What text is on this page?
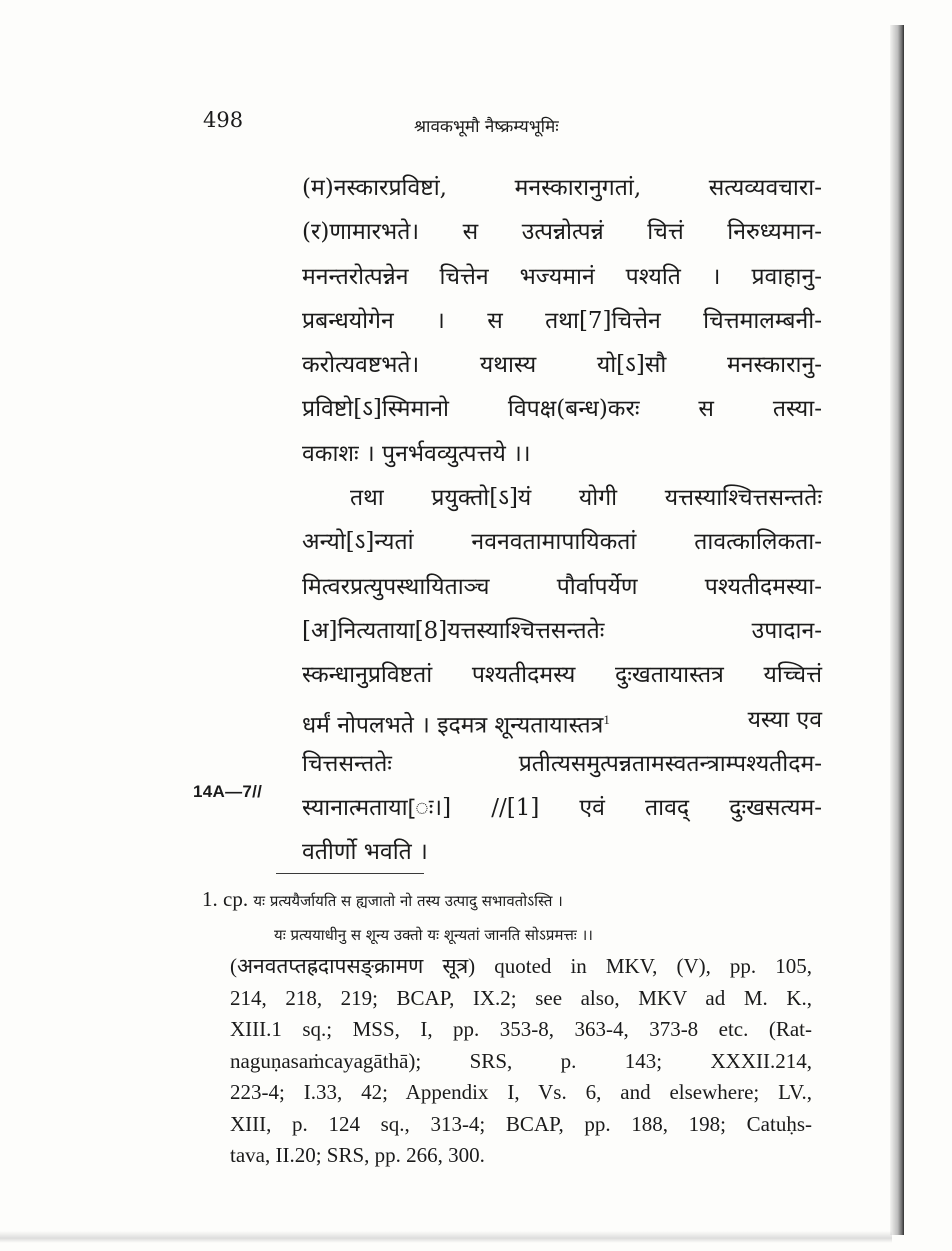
498	श्रावकभूमौ नैष्क्रम्यभूमिः
(म)नस्कारप्रविष्टां, मनस्कारानुगतां, सत्यव्यवचारा-
(र)णामारभते। स उत्पन्नोत्पन्नं चित्तं निरुध्यमान-
मनन्तरोत्पन्नेन चित्तेन भज्यमानं पश्यति । प्रवाहानु-
प्रबन्धयोगेन । स तथा[7]चित्तेन चित्तमालम्बनी-
करोत्यवष्टभते। यथास्य यो[ऽ]सौ मनस्कारानु-
प्रविष्टो[ऽ]स्मिमानो विपक्ष(बन्ध)करः स तस्या-
वकाशः । पुनर्भवव्युत्पत्तये ।।
तथा प्रयुक्तो[ऽ]यं योगी यत्तस्याश्चित्तसन्ततेः
अन्यो[ऽ]न्यतां नवनवतामापायिकतां तावत्कालिकता-
मित्वरप्रत्युपस्थायिताञ्च पौर्वापर्येण पश्यतीदमस्या-
[अ]नित्यताया[8]यत्तस्याश्चित्तसन्ततेः उपादान-
स्कन्धानुप्रविष्टतां पश्यतीदमस्य दुःखतायास्तत्र यच्चित्तं
धर्मं नोपलभते । इदमत्र शून्यतायास्तत्र$^1$	यस्या एव
चित्तसन्ततेः प्रतीत्यसमुत्पन्नतामस्वतन्त्राम्पश्यतीदम-
स्यानात्मताया[ः।] //[1] एवं तावद् दुःखसत्यम-
वतीर्णो भवति ।
14A—7//
1. cp. यः प्रत्ययैर्जायति स ह्यजातो नो तस्य उत्पादु सभावतोऽस्ति ।
यः प्रत्ययाधीनु स शून्य उक्तो यः शून्यतां जानति सोऽप्रमत्तः ।।
(अनवतप्तह्रदापसङ्क्रामण सूत्र) quoted in MKV, (V), pp. 105,
214, 218, 219; BCAP, IX.2; see also, MKV ad M. K.,
XIII.1 sq.; MSS, I, pp. 353-8, 363-4, 373-8 etc. (Rat-
naguṇasaṁcayagāthā); SRS, p. 143; XXXII.214,
223-4; I.33, 42; Appendix I, Vs. 6, and elsewhere; LV.,
XIII, p. 124 sq., 313-4; BCAP, pp. 188, 198; Catuḥs-
tava, II.20; SRS, pp. 266, 300.
